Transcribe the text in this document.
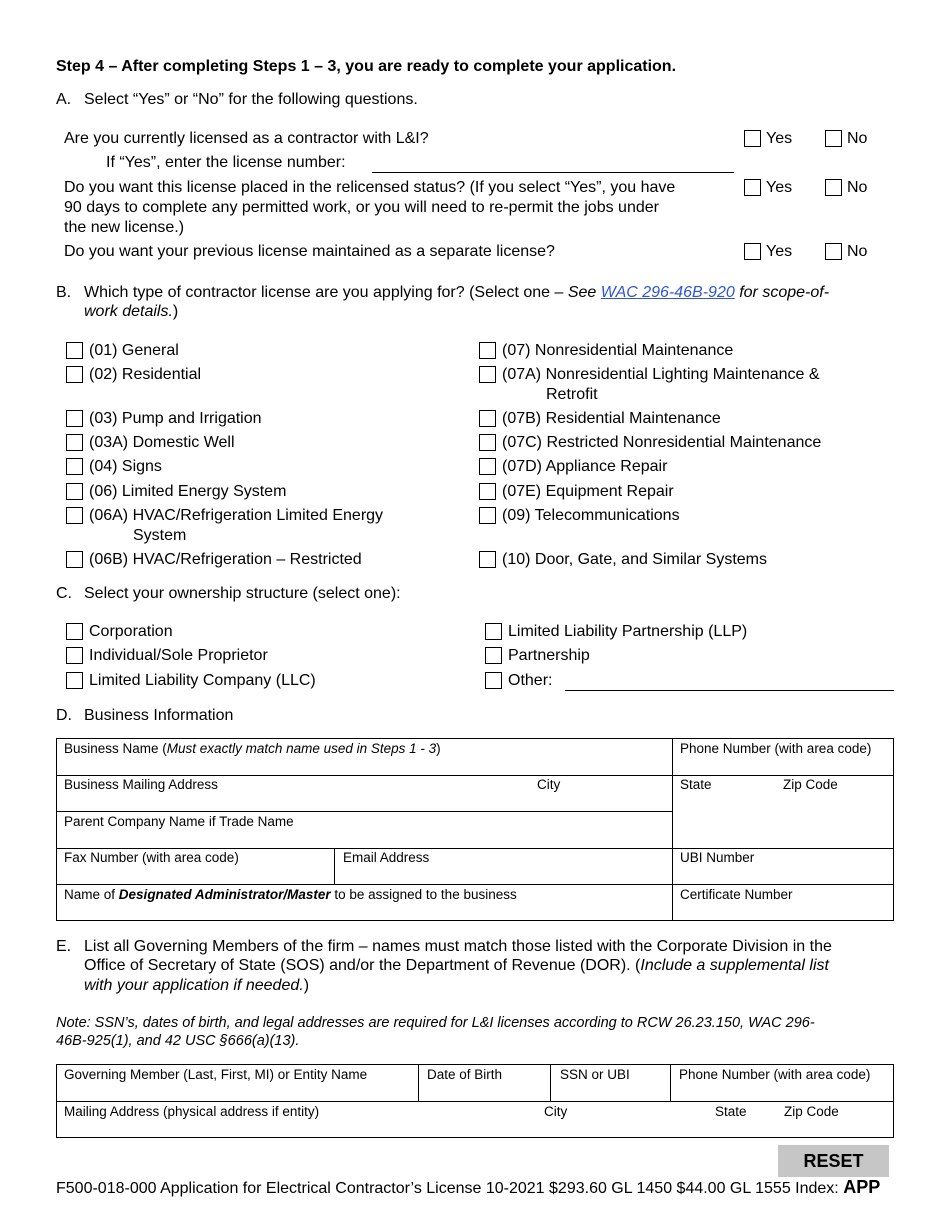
Step 4 – After completing Steps 1 – 3, you are ready to complete your application.
A. Select “Yes” or “No” for the following questions.
Are you currently licensed as a contractor with L&I?	Yes	No
If “Yes”, enter the license number:
Do you want this license placed in the relicensed status? (If you select “Yes”, you have
90 days to complete any permitted work, or you will need to re-permit the jobs under
the new license.)
Yes	No
Do you want your previous license maintained as a separate license?	Yes	No
B. Which type of contractor license are you applying for? (Select one – See WAC 296-46B-920 for scope-of-
work details.)
(01) General
(02) Residential
(03) Pump and Irrigation
(03A) Domestic Well
(04) Signs
(06) Limited Energy System
(06A) HVAC/Refrigeration Limited Energy
System
(06B) HVAC/Refrigeration – Restricted
(07) Nonresidential Maintenance
(07A) Nonresidential Lighting Maintenance &
Retrofit
(07B) Residential Maintenance
(07C) Restricted Nonresidential Maintenance
(07D) Appliance Repair
(07E) Equipment Repair
(09) Telecommunications
(10) Door, Gate, and Similar Systems
C. Select your ownership structure (select one):
Corporation
Individual/Sole Proprietor
Limited Liability Company (LLC)
Limited Liability Partnership (LLP)
Partnership
Other:
D. Business Information
Business Name (Must exactly match name used in Steps 1 - 3)	Phone Number (with area code)
Business Mailing Address	City	State	Zip Code
Parent Company Name if Trade Name
Fax Number (with area code)	Email Address	UBI Number
Name of Designated Administrator/Master to be assigned to the business	Certificate Number
E. List all Governing Members of the firm – names must match those listed with the Corporate Division in the
Office of Secretary of State (SOS) and/or the Department of Revenue (DOR). (Include a supplemental list
with your application if needed.)
Note: SSN’s, dates of birth, and legal addresses are required for L&I licenses according to RCW 26.23.150, WAC 296-
46B-925(1), and 42 USC §666(a)(13).
Governing Member (Last, First, MI) or Entity Name	Date of Birth	SSN or UBI	Phone Number (with area code)
Mailing Address (physical address if entity)	City	State	Zip Code
RESET
F500-018-000 Application for Electrical Contractor’s License 10-2021 $293.60 GL 1450 $44.00 GL 1555 Index: APP
